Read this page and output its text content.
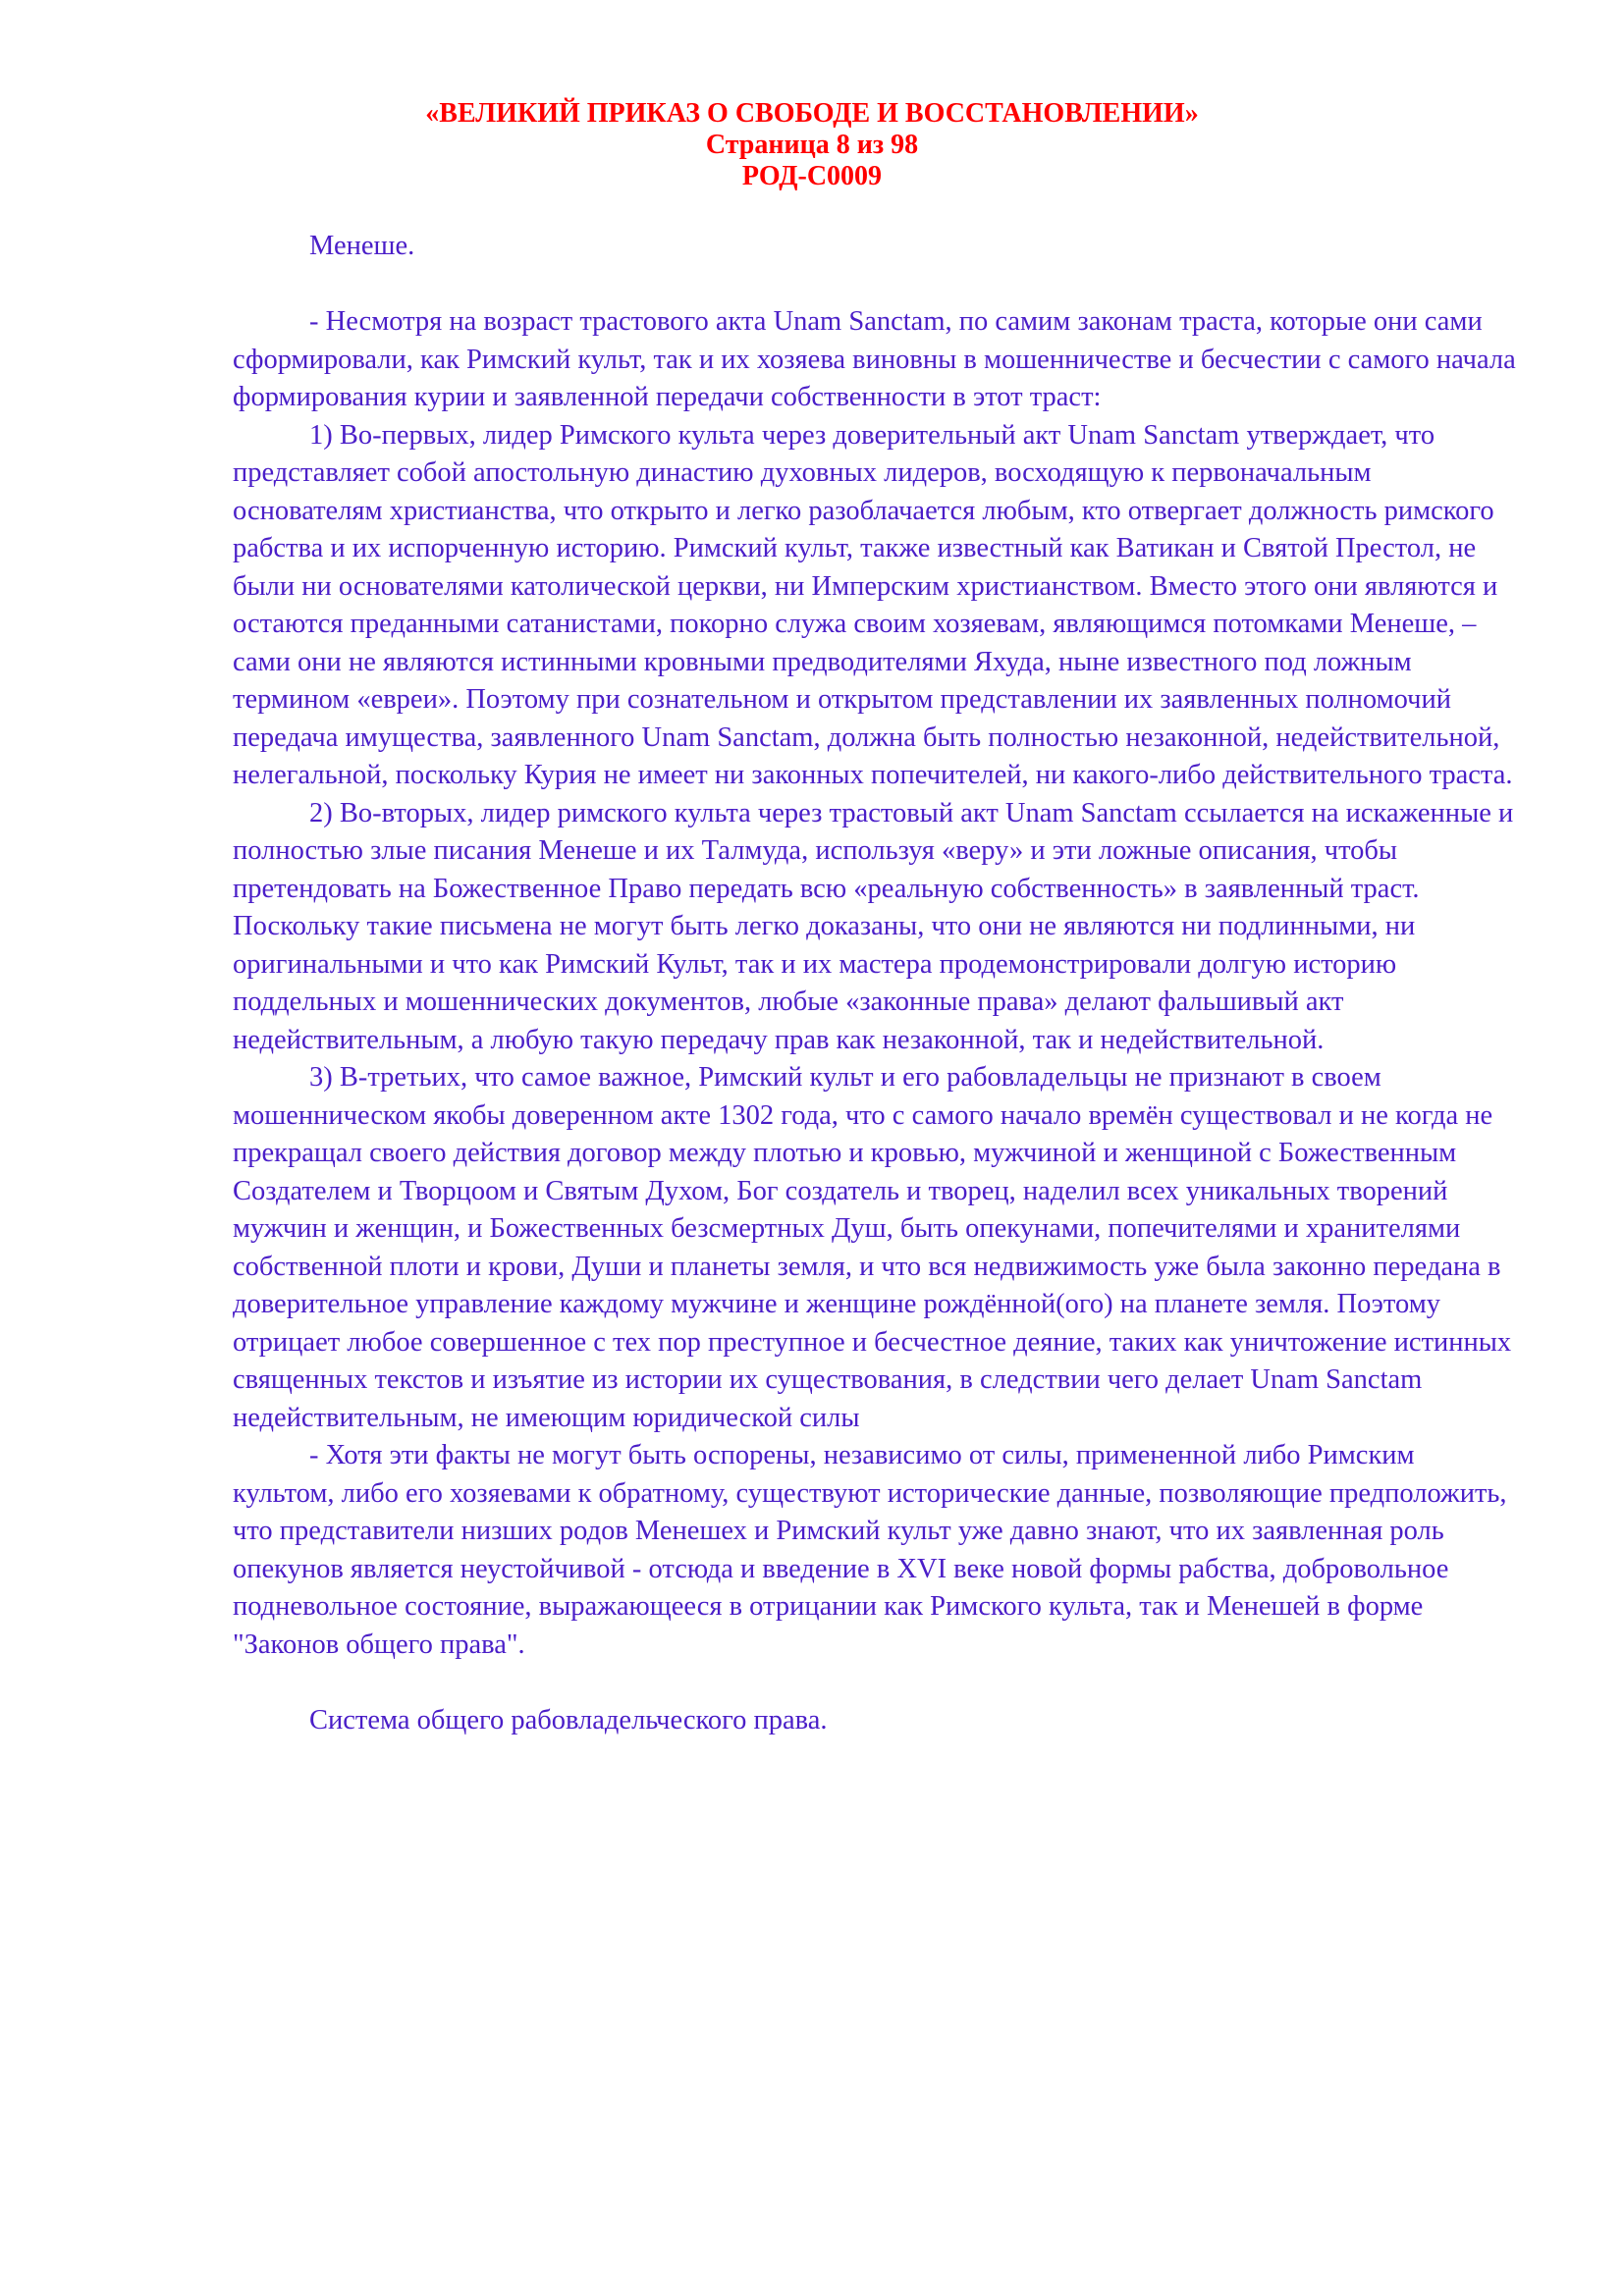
«ВЕЛИКИЙ ПРИКАЗ О СВОБОДЕ И ВОССТАНОВЛЕНИИ»
Страница 8 из 98
РОД-С0009

Менеше.

- Несмотря на возраст трастового акта Unam Sanctam, по самим законам траста, которые они сами сформировали, как Римский культ, так и их хозяева виновны в мошенничестве и бесчестии с самого начала формирования курии и заявленной передачи собственности в этот траст:

1) Во-первых, лидер Римского культа через доверительный акт Unam Sanctam утверждает, что представляет собой апостольную династию духовных лидеров, восходящую к первоначальным основателям христианства, что открыто и легко разоблачается любым, кто отвергает должность римского рабства и их испорченную историю. Римский культ, также известный как Ватикан и Святой Престол, не были ни основателями католической церкви, ни Имперским христианством. Вместо этого они являются и остаются преданными сатанистами, покорно служа своим хозяевам, являющимся потомками Менеше, – сами они не являются истинными кровными предводителями Яхуда, ныне известного под ложным термином «евреи». Поэтому при сознательном и открытом представлении их заявленных полномочий передача имущества, заявленного Unam Sanctam, должна быть полностью незаконной, недействительной, нелегальной, поскольку Курия не имеет ни законных попечителей, ни какого-либо действительного траста.

2) Во-вторых, лидер римского культа через трастовый акт Unam Sanctam ссылается на искаженные и полностью злые писания Менеше и их Талмуда, используя «веру» и эти ложные описания, чтобы претендовать на Божественное Право передать всю «реальную собственность» в заявленный траст. Поскольку такие письмена не могут быть легко доказаны, что они не являются ни подлинными, ни оригинальными и что как Римский Культ, так и их мастера продемонстрировали долгую историю поддельных и мошеннических документов, любые «законные права» делают фальшивый акт недействительным, а любую такую передачу прав как незаконной, так и недействительной.

3) В-третьих, что самое важное, Римский культ и его рабовладельцы не признают в своем мошенническом якобы доверенном акте 1302 года, что с самого начало времён существовал и не когда не прекращал своего действия договор между плотью и кровью, мужчиной и женщиной с Божественным Создателем и Творцоом и Святым Духом, Бог создатель и творец, наделил всех уникальных творений мужчин и женщин, и Божественных безсмертных Душ, быть опекунами, попечителями и хранителями собственной плоти и крови, Души и планеты земля, и что вся недвижимость уже была законно передана в доверительное управление каждому мужчине и женщине рождённой(ого) на планете земля. Поэтому отрицает любое совершенное с тех пор преступное и бесчестное деяние, таких как уничтожение истинных священных текстов и изъятие из истории их существования, в следствии чего делает Unam Sanctam недействительным, не имеющим юридической силы

- Хотя эти факты не могут быть оспорены, независимо от силы, примененной либо Римским культом, либо его хозяевами к обратному, существуют исторические данные, позволяющие предположить, что представители низших родов Менешех и Римский культ уже давно знают, что их заявленная роль опекунов является неустойчивой - отсюда и введение в XVI веке новой формы рабства, добровольное подневольное состояние, выражающееся в отрицании как Римского культа, так и Менешей в форме "Законов общего права".

Система общего рабовладельческого права.
